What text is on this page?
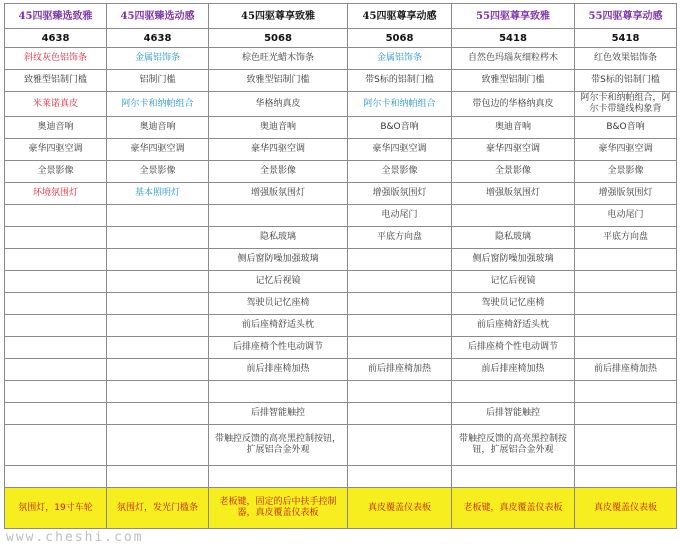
45四驱臻选致雅	45四驱臻选动感	45四驱尊享致雅	45四驱尊享动感	55四驱尊享致雅	55四驱尊享动感
4638	4638	5068	5068	5418	5418
斜纹灰色铝饰条	金属铝饰条	棕色旺光蜡木饰条	金属铝饰条	自然色玛瑙灰细粒梣木	红色效果铝饰条
致雅型铝制门槛	铝制门槛	致雅型铝制门槛	带S标的铝制门槛	致雅型铝制门槛	带S标的铝制门槛
米莱诺真皮	阿尔卡和纳帕组合	华格纳真皮	阿尔卡和纳帕组合	带包边的华格纳真皮	阿尔卡和纳帕组合，阿尔卡带缝线构象背
奥迪音响	奥迪音响	奥迪音响	B&O音响	奥迪音响	B&O音响
豪华四驱空调	豪华四驱空调	豪华四驱空调	豪华四驱空调	豪华四驱空调	豪华四驱空调
全景影像	全景影像	全景影像	全景影像	全景影像	全景影像
环境氛围灯	基本照明灯	增强版氛围灯	增强版氛围灯	增强版氛围灯	增强版氛围灯
			电动尾门		电动尾门
		隐私玻璃	平底方向盘	隐私玻璃	平底方向盘
		侧后窗防噪加强玻璃		侧后窗防噪加强玻璃	
		记忆后视镜		记忆后视镜	
		驾驶员记忆座椅		驾驶员记忆座椅	
		前后座椅舒适头枕		前后座椅舒适头枕	
		后排座椅个性电动调节		后排座椅个性电动调节	
		前后排座椅加热	前后排座椅加热	前后排座椅加热	前后排座椅加热

		后排智能触控		后排智能触控	
		带触控反馈的高亮黑控制按钮，扩展铝合金外观		带触控反馈的高亮黑控制按钮，扩展铝合金外观	

氛围灯，19寸车轮	氛围灯，发光门槛条	老板键，固定的后中扶手控制器，真皮覆盖仪表板	真皮覆盖仪表板	老板键，真皮覆盖仪表板	真皮覆盖仪表板
www.cheshi.com
